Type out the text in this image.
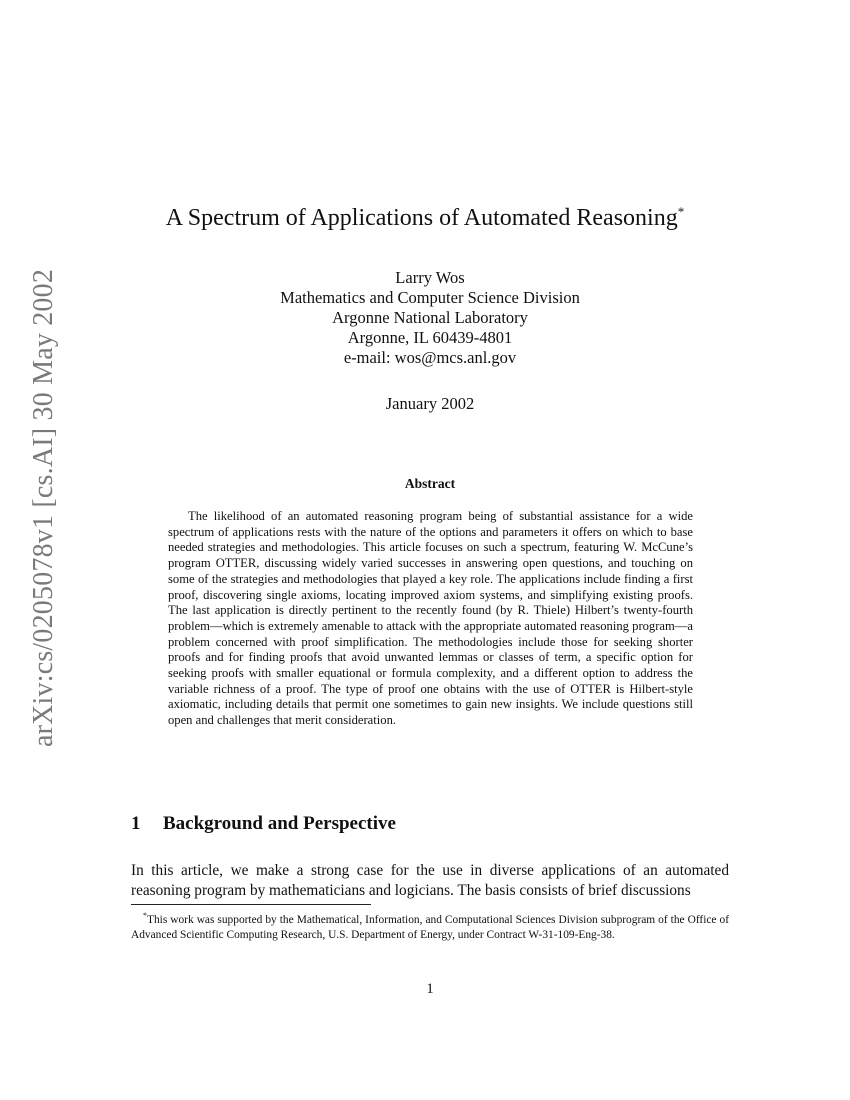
arXiv:cs/0205078v1 [cs.AI] 30 May 2002
A Spectrum of Applications of Automated Reasoning*
Larry Wos
Mathematics and Computer Science Division
Argonne National Laboratory
Argonne, IL 60439-4801
e-mail: wos@mcs.anl.gov
January 2002
Abstract
The likelihood of an automated reasoning program being of substantial assistance for a wide spectrum of applications rests with the nature of the options and parameters it offers on which to base needed strategies and methodologies. This article focuses on such a spectrum, featuring W. McCune’s program OTTER, discussing widely varied successes in answering open questions, and touching on some of the strategies and methodologies that played a key role. The applications include finding a first proof, discovering single axioms, locating improved axiom systems, and simplifying existing proofs. The last application is directly pertinent to the recently found (by R. Thiele) Hilbert’s twenty-fourth problem—which is extremely amenable to attack with the appropriate automated reasoning program—a problem concerned with proof simplification. The methodologies include those for seeking shorter proofs and for finding proofs that avoid unwanted lemmas or classes of term, a specific option for seeking proofs with smaller equational or formula complexity, and a different option to address the variable richness of a proof. The type of proof one obtains with the use of OTTER is Hilbert-style axiomatic, including details that permit one sometimes to gain new insights. We include questions still open and challenges that merit consideration.
1 Background and Perspective
In this article, we make a strong case for the use in diverse applications of an automated reasoning program by mathematicians and logicians. The basis consists of brief discussions
*This work was supported by the Mathematical, Information, and Computational Sciences Division subprogram of the Office of Advanced Scientific Computing Research, U.S. Department of Energy, under Contract W-31-109-Eng-38.
1
